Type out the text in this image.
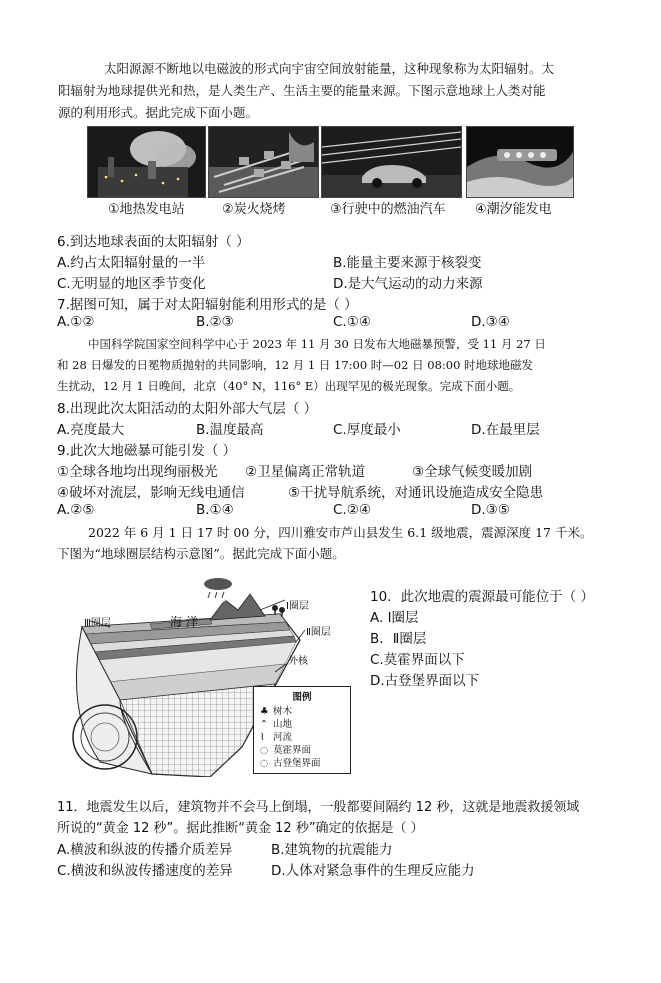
太阳源源不断地以电磁波的形式向宇宙空间放射能量，这种现象称为太阳辐射。太
阳辐射为地球提供光和热，是人类生产、生活主要的能量来源。下图示意地球上人类对能
源的利用形式。据此完成下面小题。
①地热发电站	②炭火烧烤	③行驶中的燃油汽车 ④潮汐能发电
6.到达地球表面的太阳辐射（ ）
A.约占太阳辐射量的一半	B.能量主要来源于核裂变
C.无明显的地区季节变化	D.是大气运动的动力来源
7.据图可知，属于对太阳辐射能利用形式的是（ ）
A.①②	B.②③	C.①④	D.③④
中国科学院国家空间科学中心于 2023 年 11 月 30 日发布大地磁暴预警，受 11 月 27 日
和 28 日爆发的日冕物质抛射的共同影响，12 月 1 日 17:00 时—02 日 08:00 时地球地磁发
生扰动，12 月 1 日晚间，北京（40° N，116° E）出现罕见的极光现象。完成下面小题。
8.出现此次太阳活动的太阳外部大气层（ ）
A.亮度最大	B.温度最高	C.厚度最小	D.在最里层
9.此次大地磁暴可能引发（ ）
①全球各地均出现绚丽极光 ②卫星偏离正常轨道	③全球气候变暖加剧
④破坏对流层，影响无线电通信	⑤干扰导航系统，对通讯设施造成安全隐患
A.②⑤	B.①④	C.②④	D.③⑤
2022 年 6 月 1 日 17 时 00 分，四川雅安市芦山县发生 6.1 级地震，震源深度 17 千米。
下图为“地球圈层结构示意图”。据此完成下面小题。
Ⅲ圈层	海 洋
Ⅰ圈层
Ⅱ圈层
外核
图例
♣ 树木
⌃ 山地
⌇ 河流
◌ 莫霍界面
◌ 古登堡界面
10．此次地震的震源最可能位于（ ）
A. Ⅰ圈层
B．Ⅱ圈层
C.莫霍界面以下
D.古登堡界面以下
11．地震发生以后，建筑物并不会马上倒塌，一般都要间隔约 12 秒，这就是地震救援领域
所说的“黄金 12 秒”。据此推断“黄金 12 秒”确定的依据是（ ）
A.横波和纵波的传播介质差异	B.建筑物的抗震能力
C.横波和纵波传播速度的差异	D.人体对紧急事件的生理反应能力
